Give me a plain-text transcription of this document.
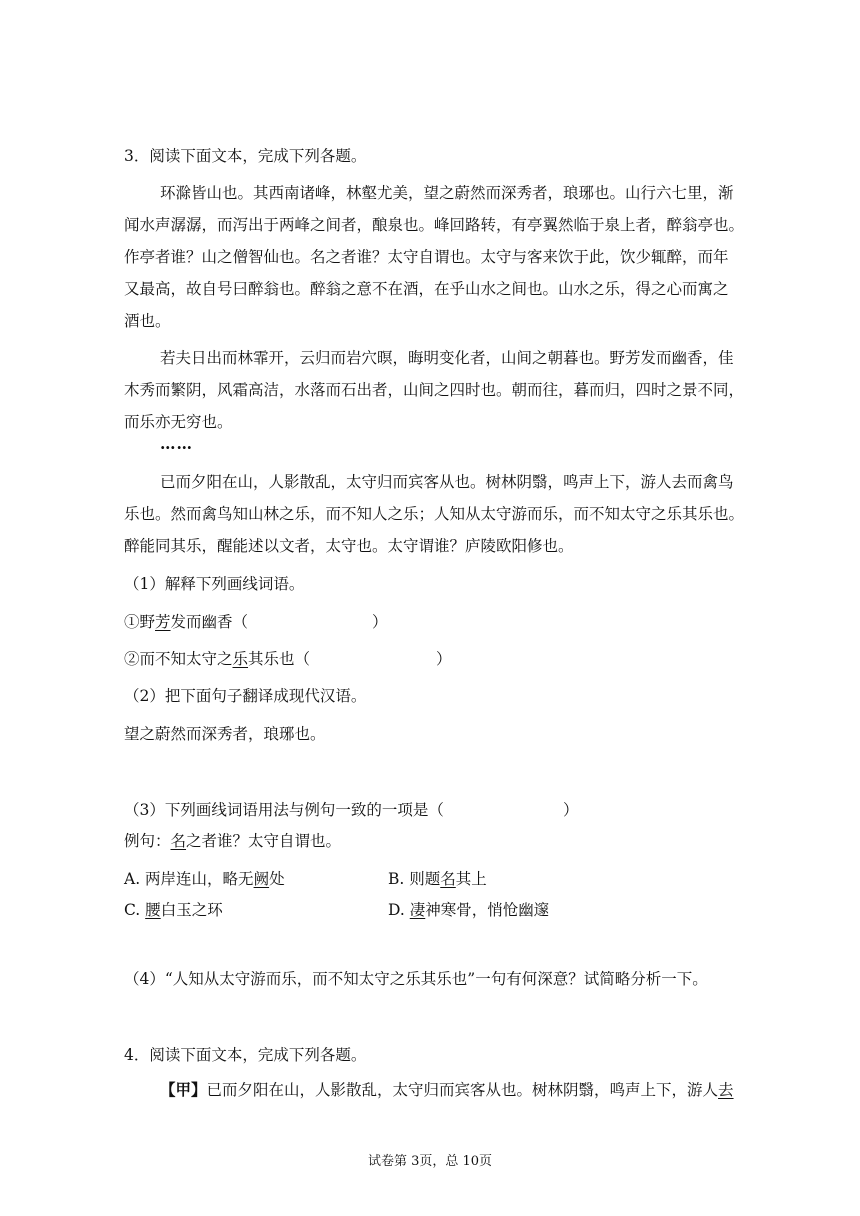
3．阅读下面文本，完成下列各题。
环滁皆山也。其西南诸峰，林壑尤美，望之蔚然而深秀者，琅琊也。山行六七里，渐
闻水声潺潺，而泻出于两峰之间者，酿泉也。峰回路转，有亭翼然临于泉上者，醉翁亭也。
作亭者谁？山之僧智仙也。名之者谁？太守自谓也。太守与客来饮于此，饮少辄醉，而年
又最高，故自号曰醉翁也。醉翁之意不在酒，在乎山水之间也。山水之乐，得之心而寓之
酒也。
若夫日出而林霏开，云归而岩穴暝，晦明变化者，山间之朝暮也。野芳发而幽香，佳
木秀而繁阴，风霜高洁，水落而石出者，山间之四时也。朝而往，暮而归，四时之景不同，
而乐亦无穷也。
……
已而夕阳在山，人影散乱，太守归而宾客从也。树林阴翳，鸣声上下，游人去而禽鸟
乐也。然而禽鸟知山林之乐，而不知人之乐；人知从太守游而乐，而不知太守之乐其乐也。
醉能同其乐，醒能述以文者，太守也。太守谓谁？庐陵欧阳修也。
（1）解释下列画线词语。
①野芳发而幽香（	）
②而不知太守之乐其乐也（	）
（2）把下面句子翻译成现代汉语。
望之蔚然而深秀者，琅琊也。
（3）下列画线词语用法与例句一致的一项是（	）
例句：名之者谁？太守自谓也。
A. 两岸连山，略无阙处	B. 则题名其上
C. 腰白玉之环	D. 凄神寒骨，悄怆幽邃
（4）“人知从太守游而乐，而不知太守之乐其乐也”一句有何深意？试简略分析一下。
4．阅读下面文本，完成下列各题。
【甲】已而夕阳在山，人影散乱，太守归而宾客从也。树林阴翳，鸣声上下，游人去
试卷第 3页，总 10页
